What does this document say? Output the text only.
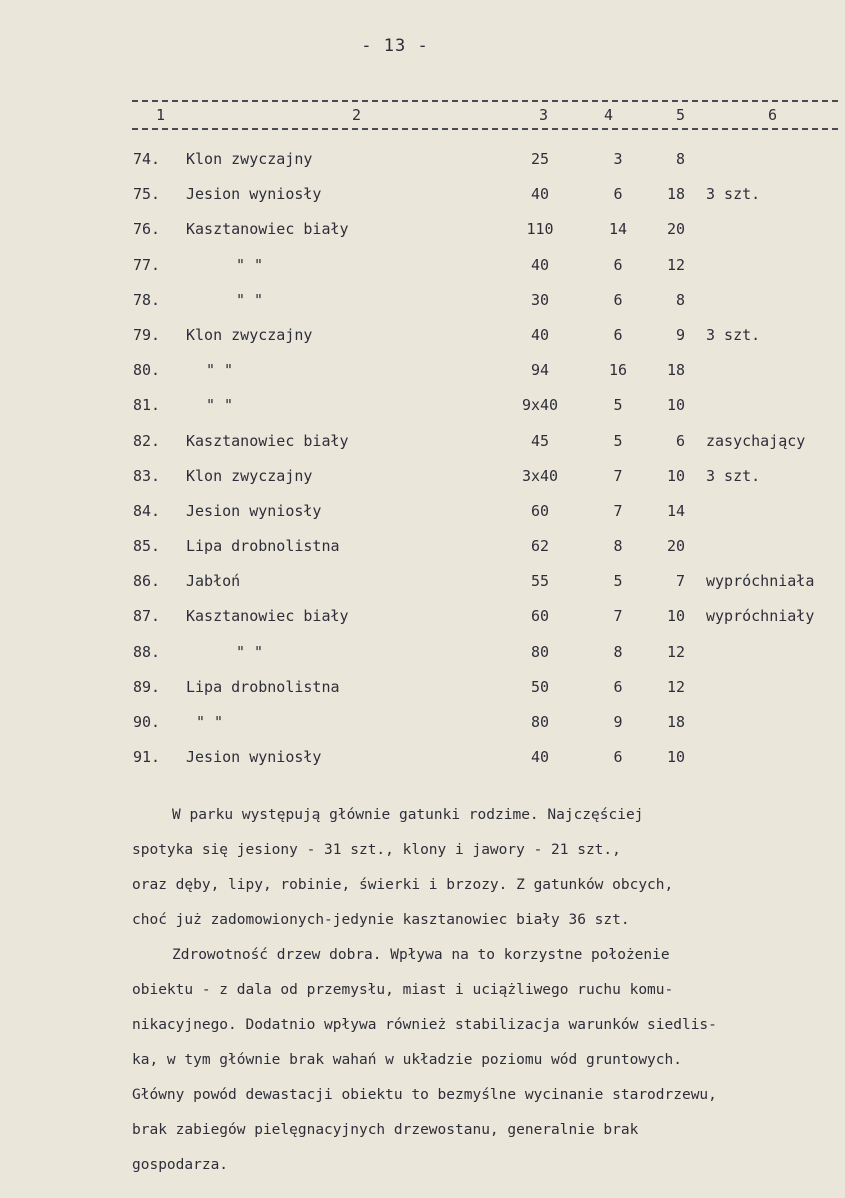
- 13 -
1	2	3	4	5	6
74. Klon zwyczajny	25	3	8
75. Jesion wyniosły	40	6	18 3 szt.
76. Kasztanowiec biały	110	14	20
77.	" "	40	6	12
78.	" "	30	6	8
79. Klon zwyczajny	40	6	9 3 szt.
80.	" "	94	16	18
81.	" "	9x40	5	10
82. Kasztanowiec biały	45	5	6 zasychający
83. Klon zwyczajny	3x40	7	10 3 szt.
84. Jesion wyniosły	60	7	14
85. Lipa drobnolistna	62	8	20
86. Jabłoń	55	5	7 wypróchniała
87. Kasztanowiec biały	60	7	10 wypróchniały
88.	" "	80	8	12
89. Lipa drobnolistna	50	6	12
90. " "	80	9	18
91. Jesion wyniosły	40	6	10
W parku występują głównie gatunki rodzime. Najczęściej
spotyka się jesiony - 31 szt., klony i jawory - 21 szt.,
oraz dęby, lipy, robinie, świerki i brzozy. Z gatunków obcych,
choć już zadomowionych-jedynie kasztanowiec biały 36 szt.
Zdrowotność drzew dobra. Wpływa na to korzystne położenie
obiektu - z dala od przemysłu, miast i uciążliwego ruchu komu-
nikacyjnego. Dodatnio wpływa również stabilizacja warunków siedlis-
ka, w tym głównie brak wahań w układzie poziomu wód gruntowych.
Główny powód dewastacji obiektu to bezmyślne wycinanie starodrzewu,
brak zabiegów pielęgnacyjnych drzewostanu, generalnie brak
gospodarza.
